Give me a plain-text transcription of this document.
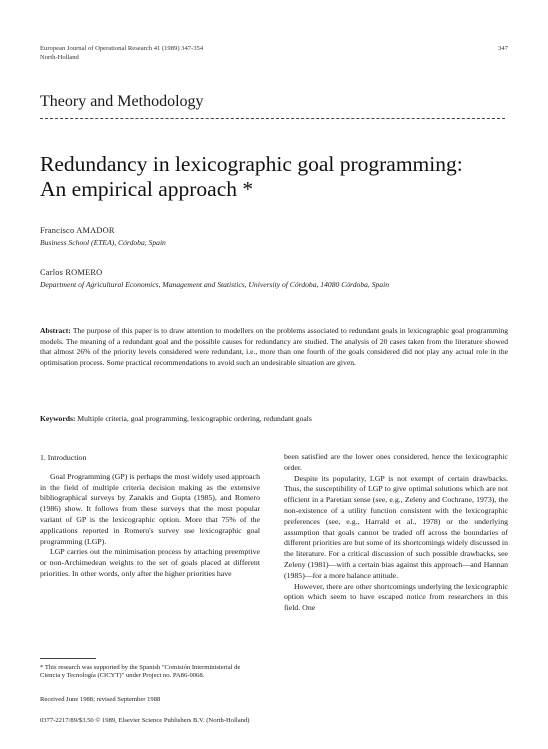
European Journal of Operational Research 41 (1989) 347-354
North-Holland
347
Theory and Methodology
Redundancy in lexicographic goal programming:
An empirical approach *
Francisco AMADOR
Business School (ETEA), Córdoba, Spain
Carlos ROMERO
Department of Agricultural Economics, Management and Statistics, University of Córdoba, 14080 Córdoba, Spain
Abstract: The purpose of this paper is to draw attention to modellers on the problems associated to redundant goals in lexicographic goal programming models. The meaning of a redundant goal and the possible causes for redundancy are studied. The analysis of 20 cases taken from the literature showed that almost 26% of the priority levels considered were redundant, i.e., more than one fourth of the goals considered did not play any actual role in the optimisation process. Some practical recommendations to avoid such an undesirable situation are given.
Keywords: Multiple criteria, goal programming, lexicographic ordering, redundant goals
1. Introduction

Goal Programming (GP) is perhaps the most widely used approach in the field of multiple criteria decision making as the extensive bibliographical surveys by Zanakis and Gupta (1985), and Romero (1986) show. It follows from these surveys that the most popular variant of GP is the lexicographic option. More that 75% of the applications reported in Romero's survey use lexicographic goal programming (LGP).

LGP carries out the minimisation process by attaching preemptive or non-Archimedean weights to the set of goals placed at different priorities. In other words, only after the higher priorities have

been satisfied are the lower ones considered, hence the lexicographic order.

Despite its popularity, LGP is not exempt of certain drawbacks. Thus, the susceptibility of LGP to give optimal solutions which are not efficient in a Paretian sense (see, e.g., Zeleny and Cochrane, 1973), the non-existence of a utility function consistent with the lexicographic preferences (see, e.g., Harrald et al., 1978) or the underlying assumption that goals cannot be traded off across the boundaries of different priorities are but some of its shortcomings widely discussed in the literature. For a critical discussion of such possible drawbacks, see Zeleny (1981)—with a certain bias against this approach—and Hannan (1985)—for a more balance attitude.

However, there are other shortcomings underlying the lexicographic option which seem to have escaped notice from researchers in this field. One

* This research was supported by the Spanish "Comisión Interministerial de Ciencia y Tecnología (CICYT)" under Project no. PA86-0068.
Received June 1988; revised September 1988
0377-2217/89/$3.50 © 1989, Elsevier Science Publishers B.V. (North-Holland)
